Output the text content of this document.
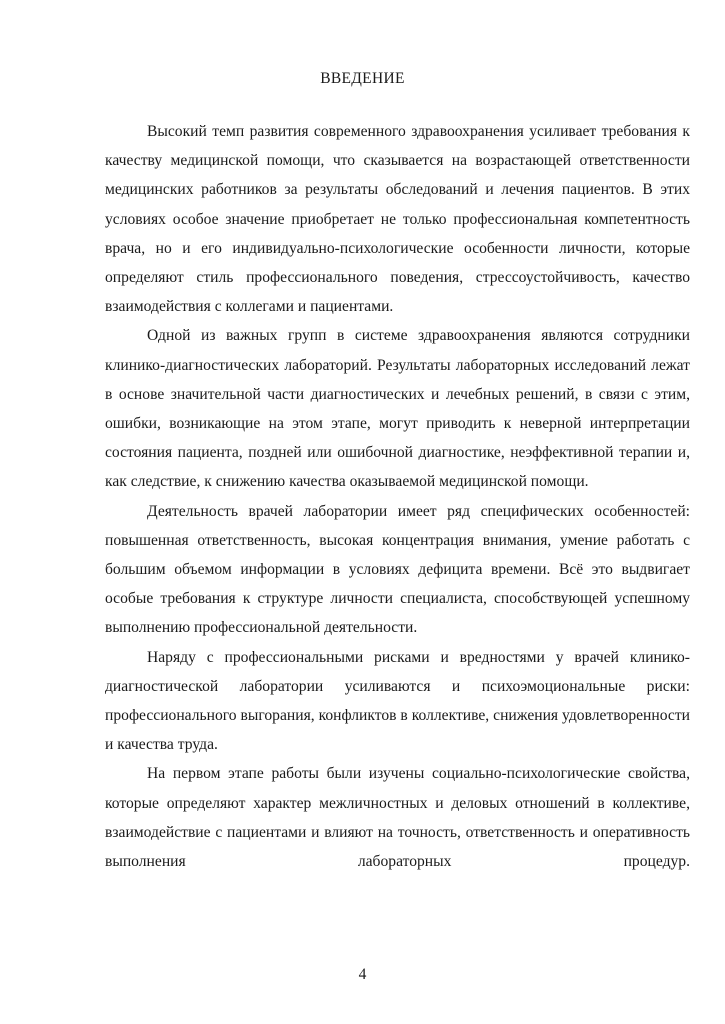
ВВЕДЕНИЕ

Высокий темп развития современного здравоохранения усиливает требования к качеству медицинской помощи, что сказывается на возрастающей ответственности медицинских работников за результаты обследований и лечения пациентов. В этих условиях особое значение приобретает не только профессиональная компетентность врача, но и его индивидуально-психологические особенности личности, которые определяют стиль профессионального поведения, стрессоустойчивость, качество взаимодействия с коллегами и пациентами.

Одной из важных групп в системе здравоохранения являются сотрудники клинико-диагностических лабораторий. Результаты лабораторных исследований лежат в основе значительной части диагностических и лечебных решений, в связи с этим, ошибки, возникающие на этом этапе, могут приводить к неверной интерпретации состояния пациента, поздней или ошибочной диагностике, неэффективной терапии и, как следствие, к снижению качества оказываемой медицинской помощи.

Деятельность врачей лаборатории имеет ряд специфических особенностей: повышенная ответственность, высокая концентрация внимания, умение работать с большим объемом информации в условиях дефицита времени. Всё это выдвигает особые требования к структуре личности специалиста, способствующей успешному выполнению профессиональной деятельности.

Наряду с профессиональными рисками и вредностями у врачей клинико-диагностической лаборатории усиливаются и психоэмоциональные риски: профессионального выгорания, конфликтов в коллективе, снижения удовлетворенности и качества труда.

На первом этапе работы были изучены социально-психологические свойства, которые определяют характер межличностных и деловых отношений в коллективе, взаимодействие с пациентами и влияют на точность, ответственность и оперативность выполнения лабораторных процедур.

4
